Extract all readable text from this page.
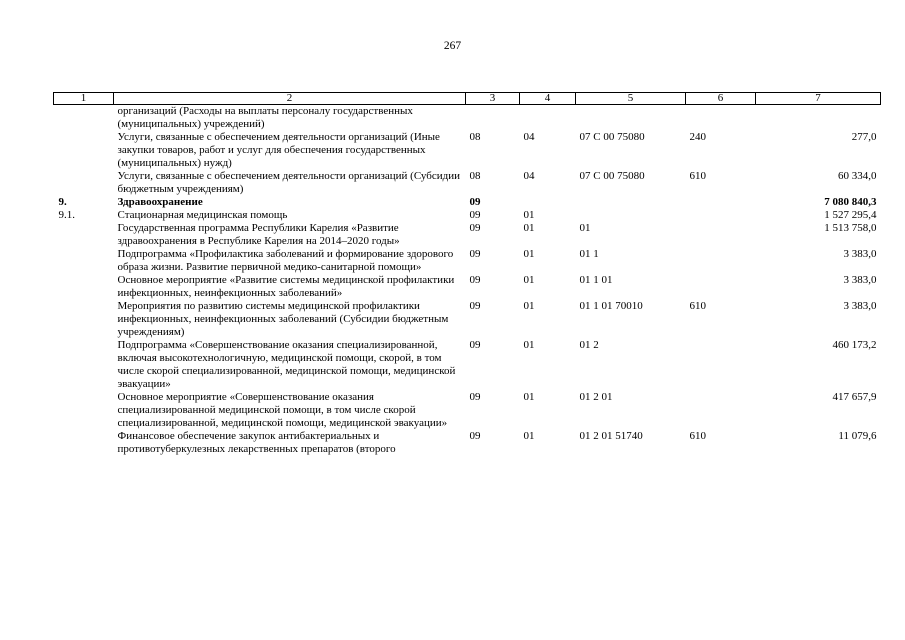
267
1	2	3	4	5	6	7
	организаций (Расходы на выплаты персоналу государственных (муниципальных) учреждений)					
	Услуги, связанные с обеспечением деятельности организаций (Иные закупки товаров, работ и услуг для обеспечения государственных (муниципальных) нужд)	08	04	07 С 00 75080	240	277,0
	Услуги, связанные с обеспечением деятельности организаций (Субсидии бюджетным учреждениям)	08	04	07 С 00 75080	610	60 334,0
9.	Здравоохранение	09				7 080 840,3
9.1.	Стационарная медицинская помощь	09	01			1 527 295,4
	Государственная программа Республики Карелия «Развитие здравоохранения в Республике Карелия на 2014–2020 годы»	09	01	01		1 513 758,0
	Подпрограмма «Профилактика заболеваний и формирование здорового образа жизни. Развитие первичной медико-санитарной помощи»	09	01	01 1		3 383,0
	Основное мероприятие «Развитие системы медицинской профилактики инфекционных, неинфекционных заболеваний»	09	01	01 1 01		3 383,0
	Мероприятия по развитию системы медицинской профилактики инфекционных, неинфекционных заболеваний (Субсидии бюджетным учреждениям)	09	01	01 1 01 70010	610	3 383,0
	Подпрограмма «Совершенствование оказания специализированной, включая высокотехнологичную, медицинской помощи, скорой, в том числе скорой специализированной, медицинской помощи, медицинской эвакуации»	09	01	01 2		460 173,2
	Основное мероприятие «Совершенствование оказания специализированной медицинской помощи, в том числе скорой специализированной, медицинской помощи, медицинской эвакуации»	09	01	01 2 01		417 657,9
	Финансовое обеспечение закупок антибактериальных и противотуберкулезных лекарственных препаратов (второго	09	01	01 2 01 51740	610	11 079,6
